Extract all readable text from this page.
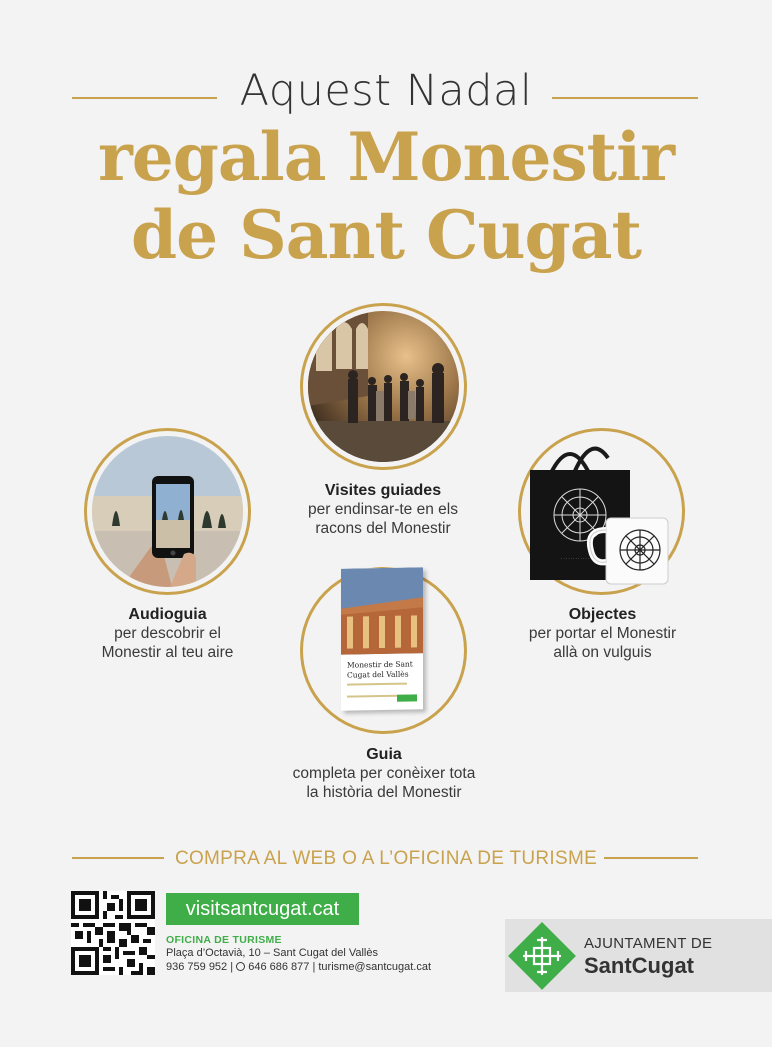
Aquest Nadal
regala Monestir
de Sant Cugat
Visites guiades
per endinsar-te en els
racons del Monestir
Audioguia
per descobrir el
Monestir al teu aire
· · · · · · · · · · · · · · · ·
Objectes
per portar el Monestir
allà on vulguis
Monestir de Sant
Cugat del Vallès
Guia
completa per conèixer tota
la història del Monestir
COMPRA AL WEB O A L’OFICINA DE TURISME
visitsantcugat.cat
OFICINA DE TURISME
Plaça d’Octavià, 10 – Sant Cugat del Vallès
936 759 952 |  646 686 877 | turisme@santcugat.cat
AJUNTAMENT DE
SantCugat
